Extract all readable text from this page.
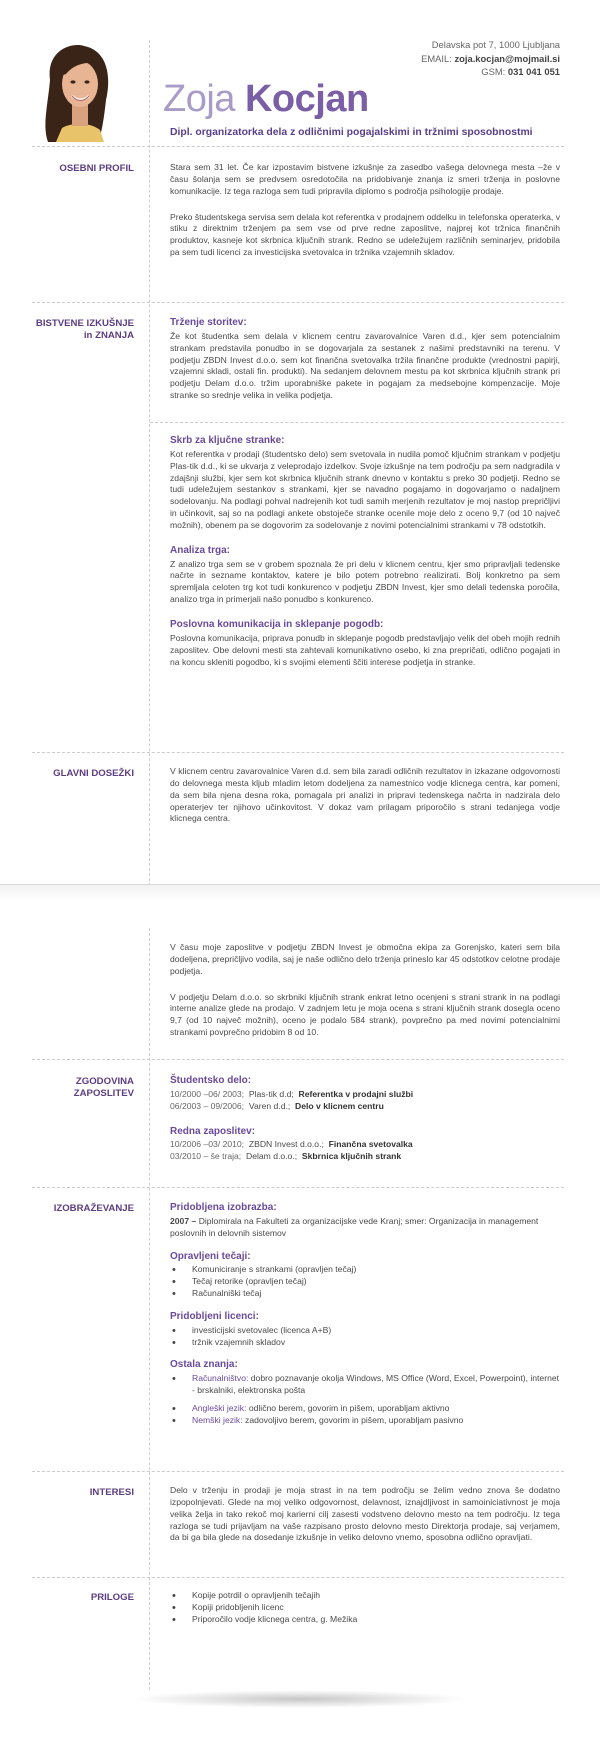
Delavska pot 7, 1000 Ljubljana
EMAIL: zoja.kocjan@mojmail.si
GSM: 031 041 051
Zoja Kocjan
Dipl. organizatorka dela z odličnimi pogajalskimi in tržnimi sposobnostmi
OSEBNI PROFIL	Stara sem 31 let. Če kar izpostavim bistvene izkušnje za zasedbo vašega delovnega mesta –že v času šolanja sem se predvsem osredotočila na pridobivanje znanja iz smeri trženja in poslovne komunikacije. Iz tega razloga sem tudi pripravila diplomo s področja psihologije prodaje.

Preko študentskega servisa sem delala kot referentka v prodajnem oddelku in telefonska operaterka, v stiku z direktnim trženjem pa sem vse od prve redne zaposlitve, najprej kot tržnica finančnih produktov, kasneje kot skrbnica ključnih strank. Redno se udeležujem različnih seminarjev, pridobila pa sem tudi licenci za investicijska svetovalca in tržnika vzajemnih skladov.

BISTVENE IZKUŠNJE
in ZNANJA
Trženje storitev:

Že kot študentka sem delala v klicnem centru zavarovalnice Varen d.d., kjer sem potencialnim strankam predstavila ponudbo in se dogovarjala za sestanek z našimi predstavniki na terenu. V podjetju ZBDN Invest d.o.o. sem kot finančna svetovalka tržila finančne produkte (vrednostni papirji, vzajemni skladi, ostali fin. produkti). Na sedanjem delovnem mestu pa kot skrbnica ključnih strank pri podjetju Delam d.o.o. tržim uporabniške pakete in pogajam za medsebojne kompenzacije. Moje stranke so srednje velika in velika podjetja.

Skrb za ključne stranke:

Kot referentka v prodaji (študentsko delo) sem svetovala in nudila pomoč ključnim strankam v podjetju Plas-tik d.d., ki se ukvarja z veleprodajo izdelkov. Svoje izkušnje na tem področju pa sem nadgradila v zdajšnji službi, kjer sem kot skrbnica ključnih strank dnevno v kontaktu s preko 30 podjetji. Redno se tudi udeležujem sestankov s strankami, kjer se navadno pogajamo in dogovarjamo o nadaljnem sodelovanju. Na podlagi pohval nadrejenih kot tudi samih merjenih rezultatov je moj nastop prepričljivi in učinkovit, saj so na podlagi ankete obstoječe stranke ocenile moje delo z oceno 9,7 (od 10 največ možnih), obenem pa se dogovorim za sodelovanje z novimi potencialnimi strankami v 78 odstotkih.

Analiza trga:

Z analizo trga sem se v grobem spoznala že pri delu v klicnem centru, kjer smo pripravljali tedenske načrte in sezname kontaktov, katere je bilo potem potrebno realizirati. Bolj konkretno pa sem spremljala celoten trg kot tudi konkurenco v podjetju ZBDN Invest, kjer smo delali tedenska poročila, analizo trga in primerjali našo ponudbo s konkurenco.

Poslovna komunikacija in sklepanje pogodb:

Poslovna komunikacija, priprava ponudb in sklepanje pogodb predstavljajo velik del obeh mojih rednih zaposlitev. Obe delovni mesti sta zahtevali komunikativno osebo, ki zna prepričati, odlično pogajati in na koncu skleniti pogodbo, ki s svojimi elementi ščiti interese podjetja in stranke.

GLAVNI DOSEŽKI	V klicnem centru zavarovalnice Varen d.d. sem bila zaradi odličnih rezultatov in izkazane odgovornosti do delovnega mesta kljub mladim letom dodeljena za namestnico vodje klicnega centra, kar pomeni, da sem bila njena desna roka, pomagala pri analizi in pripravi tedenskega načrta in nadzirala delo operaterjev ter njihovo učinkovitost. V dokaz vam prilagam priporočilo s strani tedanjega vodje klicnega centra.

V času moje zaposlitve v podjetju ZBDN Invest je območna ekipa za Gorenjsko, kateri sem bila dodeljena, prepričljivo vodila, saj je naše odlično delo trženja prineslo kar 45 odstotkov celotne prodaje podjetja.

V podjetju Delam d.o.o. so skrbniki ključnih strank enkrat letno ocenjeni s strani strank in na podlagi interne analize glede na prodajo. V zadnjem letu je moja ocena s strani ključnih strank dosegla oceno 9,7 (od 10 največ možnih), oceno je podalo 584 strank), povprečno pa med novimi potencialnimi strankami povprečno pridobim 8 od 10.

ZGODOVINA
ZAPOSLITEV
Študentsko delo:
10/2000 –06/ 2003; Plas-tik d.d; Referentka v prodajni službi
06/2003 – 09/2006; Varen d.d.; Delo v klicnem centru
Redna zaposlitev:
10/2006 –03/ 2010; ZBDN Invest d.o.o.; Finančna svetovalka
03/2010 – še traja; Delam d.o.o.; Skbrnica ključnih strank
IZOBRAŽEVANJE	Pridobljena izobrazba:

2007 – Diplomirala na Fakulteti za organizacijske vede Kranj; smer: Organizacija in management poslovnih in delovnih sistemov

Opravljeni tečaji:
• Komuniciranje s strankami (opravljen tečaj)
• Tečaj retorike (opravljen tečaj)
• Računalniški tečaj
Pridobljeni licenci:
• investicijski svetovalec (licenca A+B)
• tržnik vzajemnih skladov
Ostala znanja:
• Računalništvo: dobro poznavanje okolja Windows, MS Office (Word, Excel, Powerpoint), internet - brskalniki, elektronska pošta
• Angleški jezik: odlično berem, govorim in pišem, uporabljam aktivno
• Nemški jezik: zadovoljivo berem, govorim in pišem, uporabljam pasivno
INTERESI	Delo v trženju in prodaji je moja strast in na tem področju se želim vedno znova še dodatno izpopolnjevati. Glede na moj veliko odgovornost, delavnost, iznajdljivost in samoiniciativnost je moja velika želja in tako rekoč moj karierni cilj zasesti vodstveno delovno mesto na tem področju. Iz tega razloga se tudi prijavljam na vaše razpisano prosto delovno mesto Direktorja prodaje, saj verjamem, da bi ga bila glede na dosedanje izkušnje in veliko delovno vnemo, sposobna odlično opravljati.

PRILOGE
•	Kopije potrdil o opravljenih tečajih
• Kopiji pridobljenih licenc
• Priporočilo vodje klicnega centra, g. Mežika
